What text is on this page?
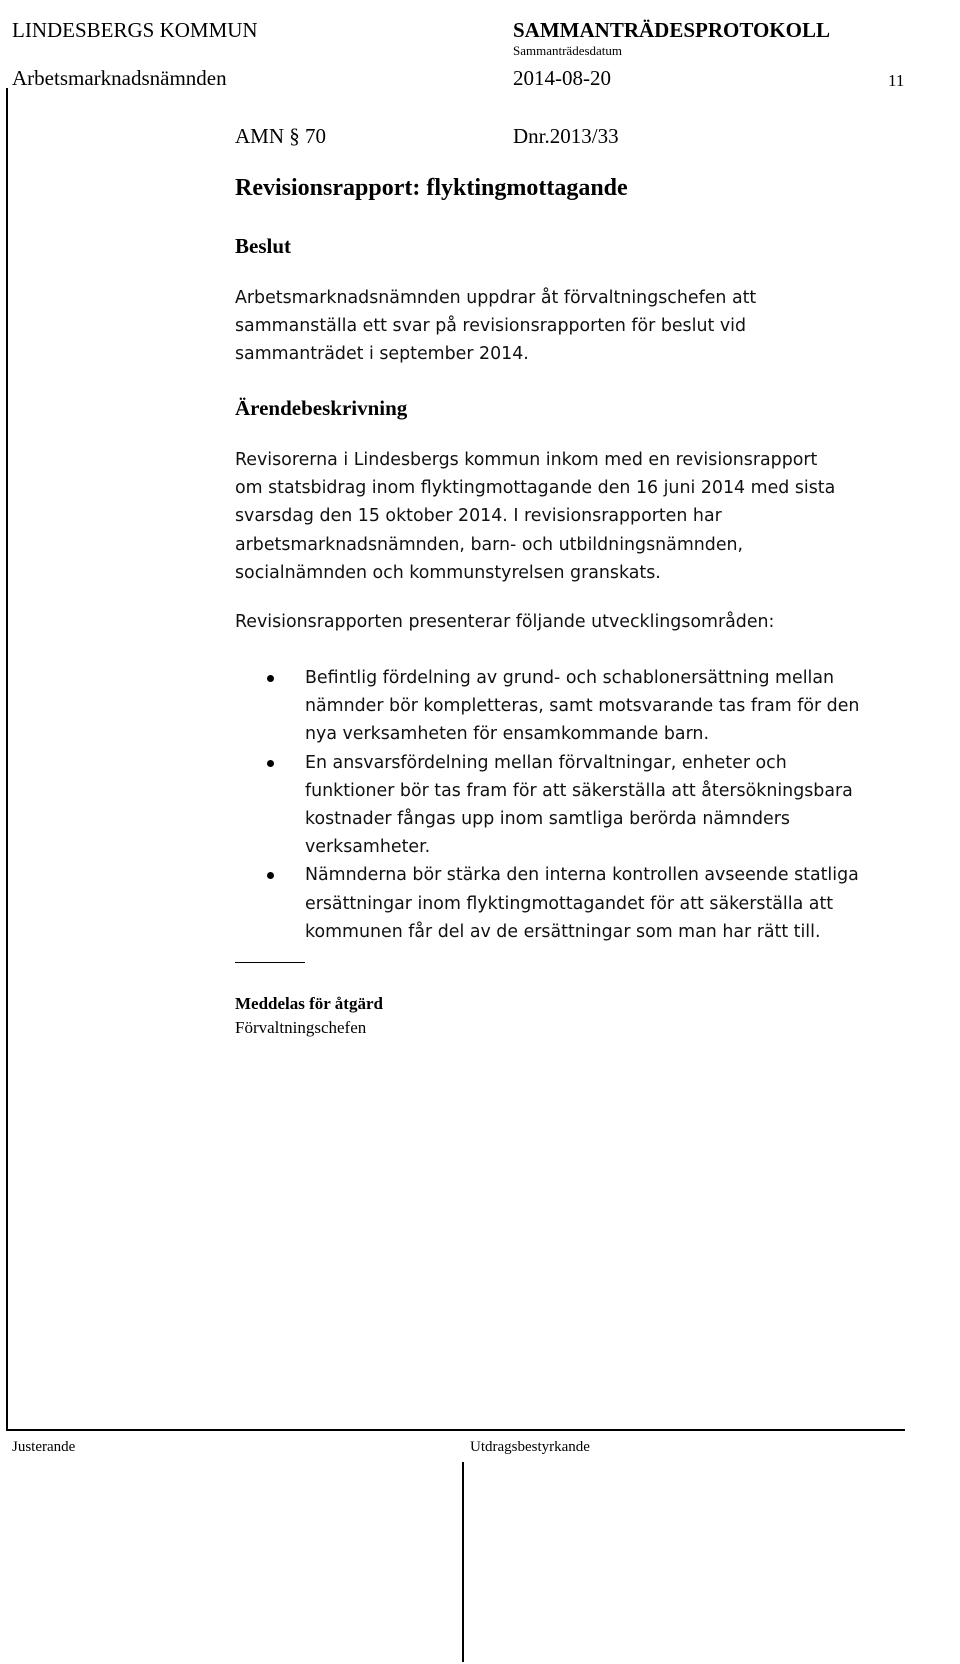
LINDESBERGS KOMMUN	SAMMANTRÄDESPROTOKOLL
Sammanträdesdatum
Arbetsmarknadsnämnden	2014-08-20	11
AMN § 70	Dnr.2013/33
Revisionsrapport: flyktingmottagande
Beslut

Arbetsmarknadsnämnden uppdrar åt förvaltningschefen att

sammanställa ett svar på revisionsrapporten för beslut vid

sammanträdet i september 2014.

Ärendebeskrivning

Revisorerna i Lindesbergs kommun inkom med en revisionsrapport

om statsbidrag inom flyktingmottagande den 16 juni 2014 med sista

svarsdag den 15 oktober 2014. I revisionsrapporten har

arbetsmarknadsnämnden, barn- och utbildningsnämnden,

socialnämnden och kommunstyrelsen granskats.

Revisionsrapporten presenterar följande utvecklingsområden:
Befintlig fördelning av grund- och schablonersättning mellan
nämnder bör kompletteras, samt motsvarande tas fram för den
nya verksamheten för ensamkommande barn.
En ansvarsfördelning mellan förvaltningar, enheter och
funktioner bör tas fram för att säkerställa att återsökningsbara
kostnader fångas upp inom samtliga berörda nämnders
verksamheter.
Nämnderna bör stärka den interna kontrollen avseende statliga
ersättningar inom flyktingmottagandet för att säkerställa att
kommunen får del av de ersättningar som man har rätt till.
Meddelas för åtgärd
Förvaltningschefen
Justerande	Utdragsbestyrkande
